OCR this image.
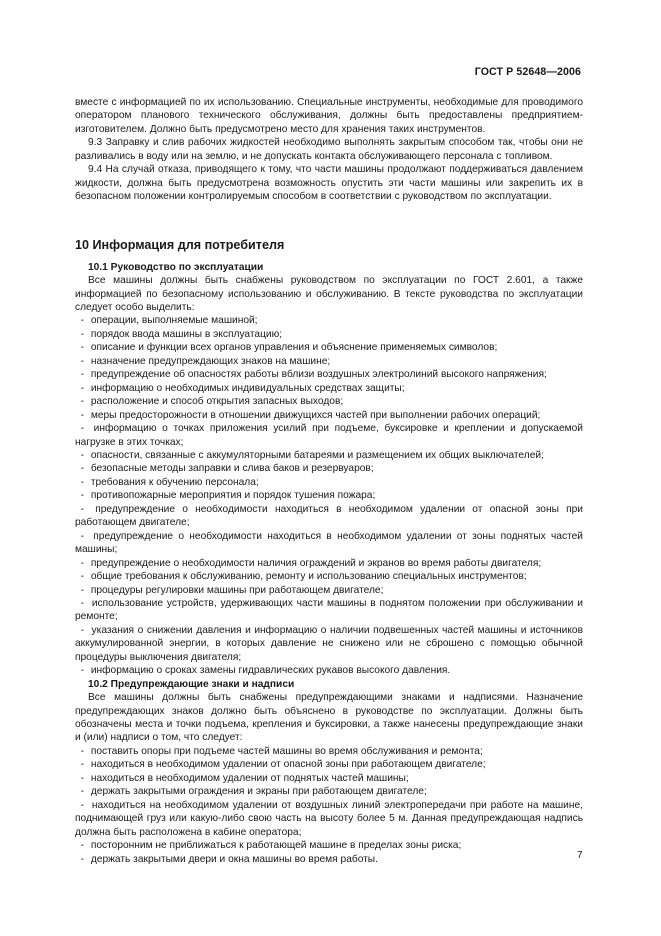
ГОСТ Р 52648—2006

вместе с информацией по их использованию. Специальные инструменты, необходимые для проводимого оператором планового технического обслуживания, должны быть предоставлены предприятием-изготовителем. Должно быть предусмотрено место для хранения таких инструментов.

9.3 Заправку и слив рабочих жидкостей необходимо выполнять закрытым способом так, чтобы они не разливались в воду или на землю, и не допускать контакта обслуживающего персонала с топливом.

9.4 На случай отказа, приводящего к тому, что части машины продолжают поддерживаться давлением жидкости, должна быть предусмотрена возможность опустить эти части машины или закрепить их в безопасном положении контролируемым способом в соответствии с руководством по эксплуатации.

10 Информация для потребителя

10.1 Руководство по эксплуатации

Все машины должны быть снабжены руководством по эксплуатации по ГОСТ 2.601, а также информацией по безопасному использованию и обслуживанию. В тексте руководства по эксплуатации следует особо выделить:

- операции, выполняемые машиной;
- порядок ввода машины в эксплуатацию;
- описание и функции всех органов управления и объяснение применяемых символов;
- назначение предупреждающих знаков на машине;
- предупреждение об опасностях работы вблизи воздушных электролиний высокого напряжения;
- информацию о необходимых индивидуальных средствах защиты;
- расположение и способ открытия запасных выходов;
- меры предосторожности в отношении движущихся частей при выполнении рабочих операций;
- информацию о точках приложения усилий при подъеме, буксировке и креплении и допускаемой нагрузке в этих точках;
- опасности, связанные с аккумуляторными батареями и размещением их общих выключателей;
- безопасные методы заправки и слива баков и резервуаров;
- требования к обучению персонала;
- противопожарные мероприятия и порядок тушения пожара;
- предупреждение о необходимости находиться в необходимом удалении от опасной зоны при работающем двигателе;
- предупреждение о необходимости находиться в необходимом удалении от зоны поднятых частей машины;
- предупреждение о необходимости наличия ограждений и экранов во время работы двигателя;
- общие требования к обслуживанию, ремонту и использованию специальных инструментов;
- процедуры регулировки машины при работающем двигателе;
- использование устройств, удерживающих части машины в поднятом положении при обслуживании и ремонте;
- указания о снижении давления и информацию о наличии подвешенных частей машины и источников аккумулированной энергии, в которых давление не снижено или не сброшено с помощью обычной процедуры выключения двигателя;
- информацию о сроках замены гидравлических рукавов высокого давления.

10.2 Предупреждающие знаки и надписи

Все машины должны быть снабжены предупреждающими знаками и надписями. Назначение предупреждающих знаков должно быть объяснено в руководстве по эксплуатации. Должны быть обозначены места и точки подъема, крепления и буксировки, а также нанесены предупреждающие знаки и (или) надписи о том, что следует:

- поставить опоры при подъеме частей машины во время обслуживания и ремонта;
- находиться в необходимом удалении от опасной зоны при работающем двигателе;
- находиться в необходимом удалении от поднятых частей машины;
- держать закрытыми ограждения и экраны при работающем двигателе;
- находиться на необходимом удалении от воздушных линий электропередачи при работе на машине, поднимающей груз или какую-либо свою часть на высоту более 5 м. Данная предупреждающая надпись должна быть расположена в кабине оператора;
- посторонним не приближаться к работающей машине в пределах зоны риска;
- держать закрытыми двери и окна машины во время работы.	7
